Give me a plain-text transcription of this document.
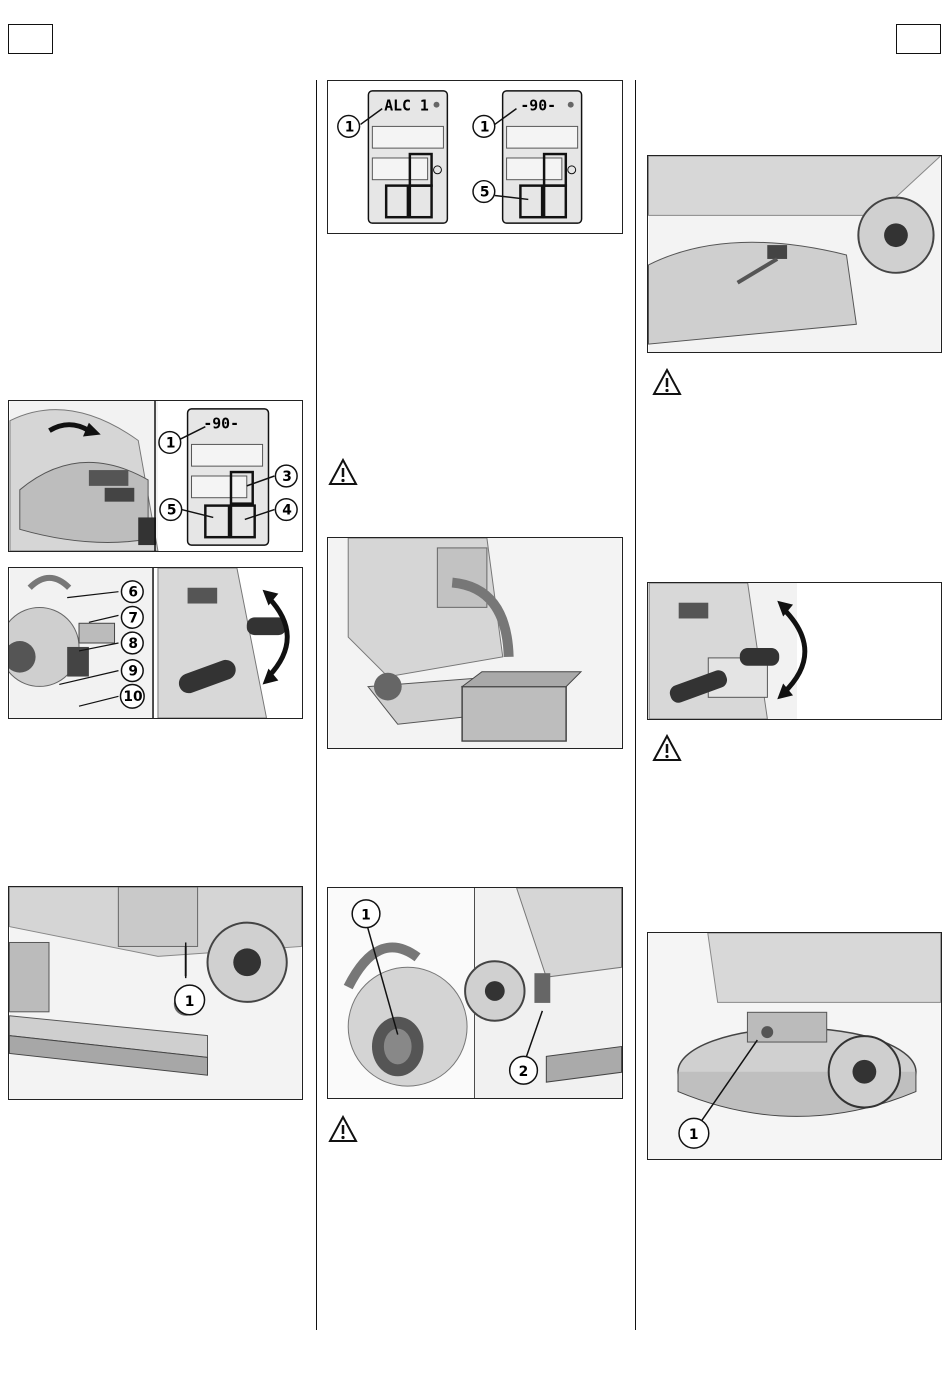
ALC 1
1
-90-
1
5
-90-
1
3
5	4
6
7
8
9
10
1
1
2
1
